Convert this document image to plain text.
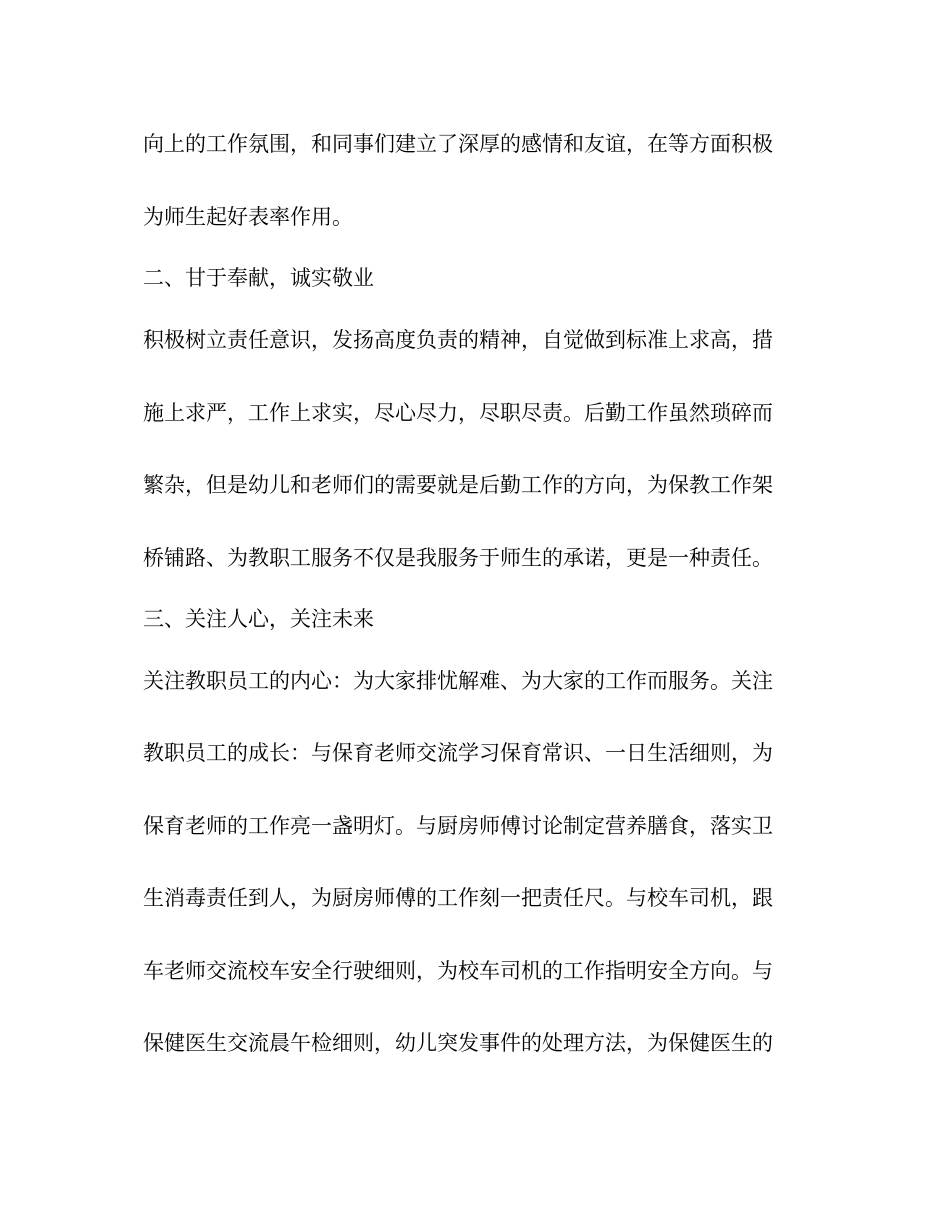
向上的工作氛围，和同事们建立了深厚的感情和友谊，在等方面积极
为师生起好表率作用。
二、甘于奉献，诚实敬业
积极树立责任意识，发扬高度负责的精神，自觉做到标准上求高，措
施上求严，工作上求实，尽心尽力，尽职尽责。后勤工作虽然琐碎而
繁杂，但是幼儿和老师们的需要就是后勤工作的方向，为保教工作架
桥铺路、为教职工服务不仅是我服务于师生的承诺，更是一种责任。
三、关注人心，关注未来
关注教职员工的内心：为大家排忧解难、为大家的工作而服务。关注
教职员工的成长：与保育老师交流学习保育常识、一日生活细则，为
保育老师的工作亮一盏明灯。与厨房师傅讨论制定营养膳食，落实卫
生消毒责任到人，为厨房师傅的工作刻一把责任尺。与校车司机，跟
车老师交流校车安全行驶细则，为校车司机的工作指明安全方向。与
保健医生交流晨午检细则，幼儿突发事件的处理方法，为保健医生的
